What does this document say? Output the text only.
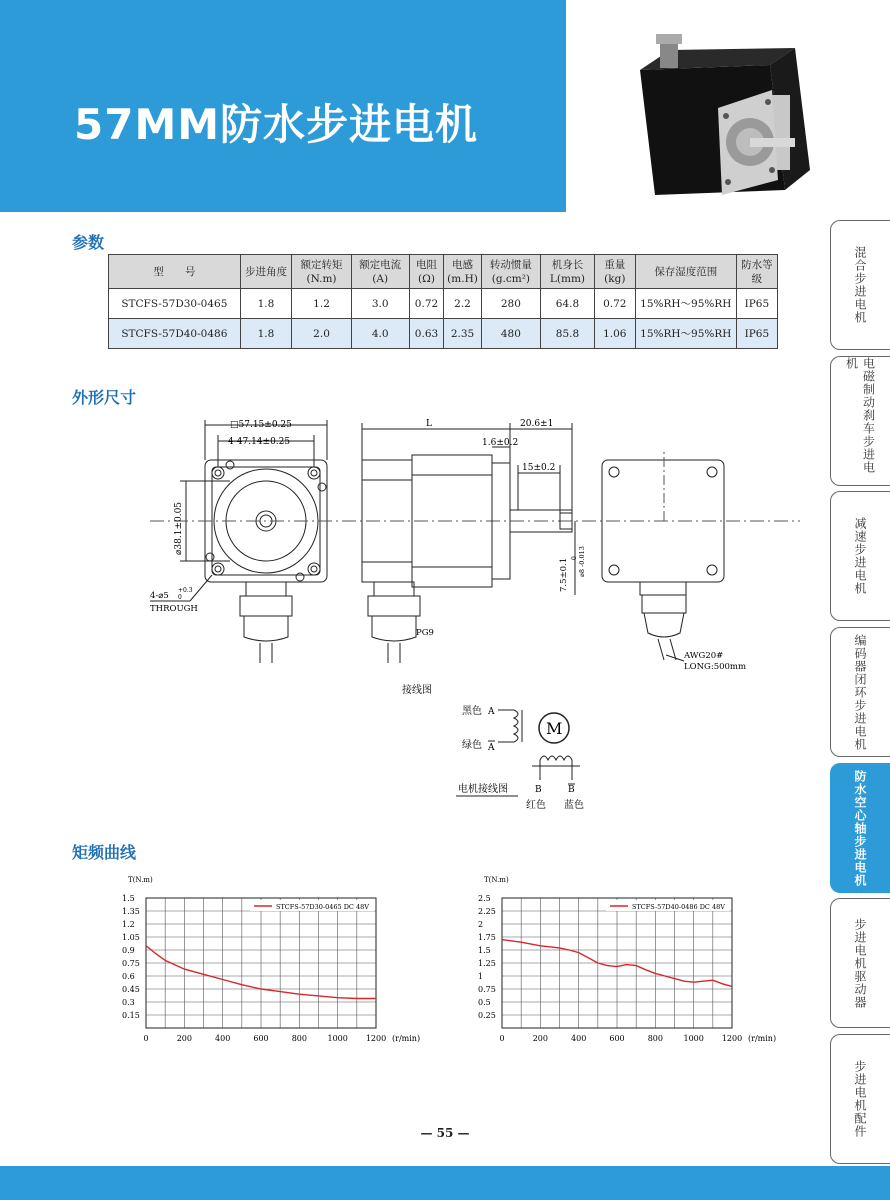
57MM防水步进电机
参数
型　　号	步进角度	额定转矩(N.m)	额定电流(A)	电阻(Ω)	电感(m.H)	转动惯量(g.cm²)	机身长L(mm)	重量(kg)	保存湿度范围	防水等级
STCFS-57D30-0465	1.8	1.2	3.0	0.72	2.2	280	64.8	0.72	15%RH～95%RH	IP65
STCFS-57D40-0486	1.8	2.0	4.0	0.63	2.35	480	85.8	1.06	15%RH～95%RH	IP65
外形尺寸
□57.15±0.25
4-47.14±0.25
⌀38.1±0.05
4-⌀5
+0.3
0
THROUGH
L	20.6±1
1.6±0.2
15±0.2
7.5±0.1 0 ⌀8 -0.013
PG9
AWG20#
LONG:500mm
接线图
黑色
绿色
A
A
M
电机接线图	B	B
红色 蓝色
矩频曲线
T(N.m)
1.5
1.35
1.2
1.05
0.9
0.75
0.6
0.45
0.3
0.15
0	200	400	600	800	1000 1200 (r/min)
STCFS-57D30-0465 DC 48V
T(N.m)
2.5
2.25
2
1.75
1.5
1.25
1
0.75
0.5
0.25
0	200	400	600	800	1000 1200 (r/min)
STCFS-57D40-0486 DC 48V
— 55 —
混合步进电机
电磁制动刹车步进电机
减速步进电机
编码器闭环步进电机
防水空心轴步进电机
步进电机驱动器
步进电机配件
